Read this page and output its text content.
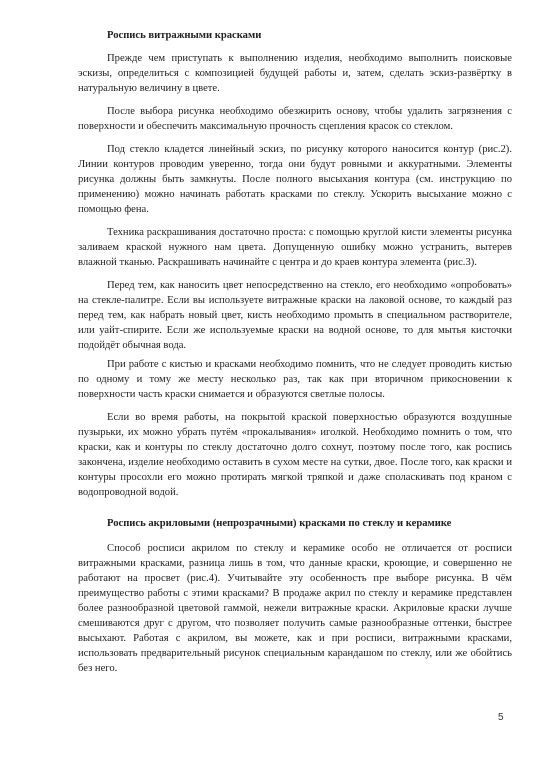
Роспись витражными красками

Прежде чем приступать к выполнению изделия, необходимо выполнить поисковые эскизы, определиться с композицией будущей работы и, затем, сделать эскиз-развёртку в натуральную величину в цвете.

После выбора рисунка необходимо обезжирить основу, чтобы удалить загрязнения с поверхности и обеспечить максимальную прочность сцепления красок со стеклом.

Под стекло кладется линейный эскиз, по рисунку которого наносится контур (рис.2). Линии контуров проводим уверенно, тогда они будут ровными и аккуратными. Элементы рисунка должны быть замкнуты. После полного высыхания контура (см. инструкцию по применению) можно начинать работать красками по стеклу. Ускорить высыхание можно с помощью фена.

Техника раскрашивания достаточно проста: с помощью круглой кисти элементы рисунка заливаем краской нужного нам цвета. Допущенную ошибку можно устранить, вытерев влажной тканью. Раскрашивать начинайте с центра и до краев контура элемента (рис.3).

Перед тем, как наносить цвет непосредственно на стекло, его необходимо «опробовать» на стекле-палитре. Если вы используете витражные краски на лаковой основе, то каждый раз перед тем, как набрать новый цвет, кисть необходимо промыть в специальном растворителе, или уайт-спирите. Если же используемые краски на водной основе, то для мытья кисточки подойдёт обычная вода.

При работе с кистью и красками необходимо помнить, что не следует проводить кистью по одному и тому же месту несколько раз, так как при вторичном прикосновении к поверхности часть краски снимается и образуются светлые полосы.

Если во время работы, на покрытой краской поверхностью образуются воздушные пузырьки, их можно убрать путём «прокалывания» иголкой. Необходимо помнить о том, что краски, как и контуры по стеклу достаточно долго сохнут, поэтому после того, как роспись закончена, изделие необходимо оставить в сухом месте на сутки, двое. После того, как краски и контуры просохли его можно протирать мягкой тряпкой и даже споласкивать под краном с водопроводной водой.

Роспись акриловыми (непрозрачными) красками по стеклу и керамике

Способ росписи акрилом по стеклу и керамике особо не отличается от росписи витражными красками, разница лишь в том, что данные краски, кроющие, и совершенно не работают на просвет (рис.4). Учитывайте эту особенность пре выборе рисунка. В чём преимущество работы с этими красками? В продаже акрил по стеклу и керамике представлен более разнообразной цветовой гаммой, нежели витражные краски. Акриловые краски лучше смешиваются друг с другом, что позволяет получить самые разнообразные оттенки, быстрее высыхают. Работая с акрилом, вы можете, как и при росписи, витражными красками, использовать предварительный рисунок специальным карандашом по стеклу, или же обойтись без него.

5
